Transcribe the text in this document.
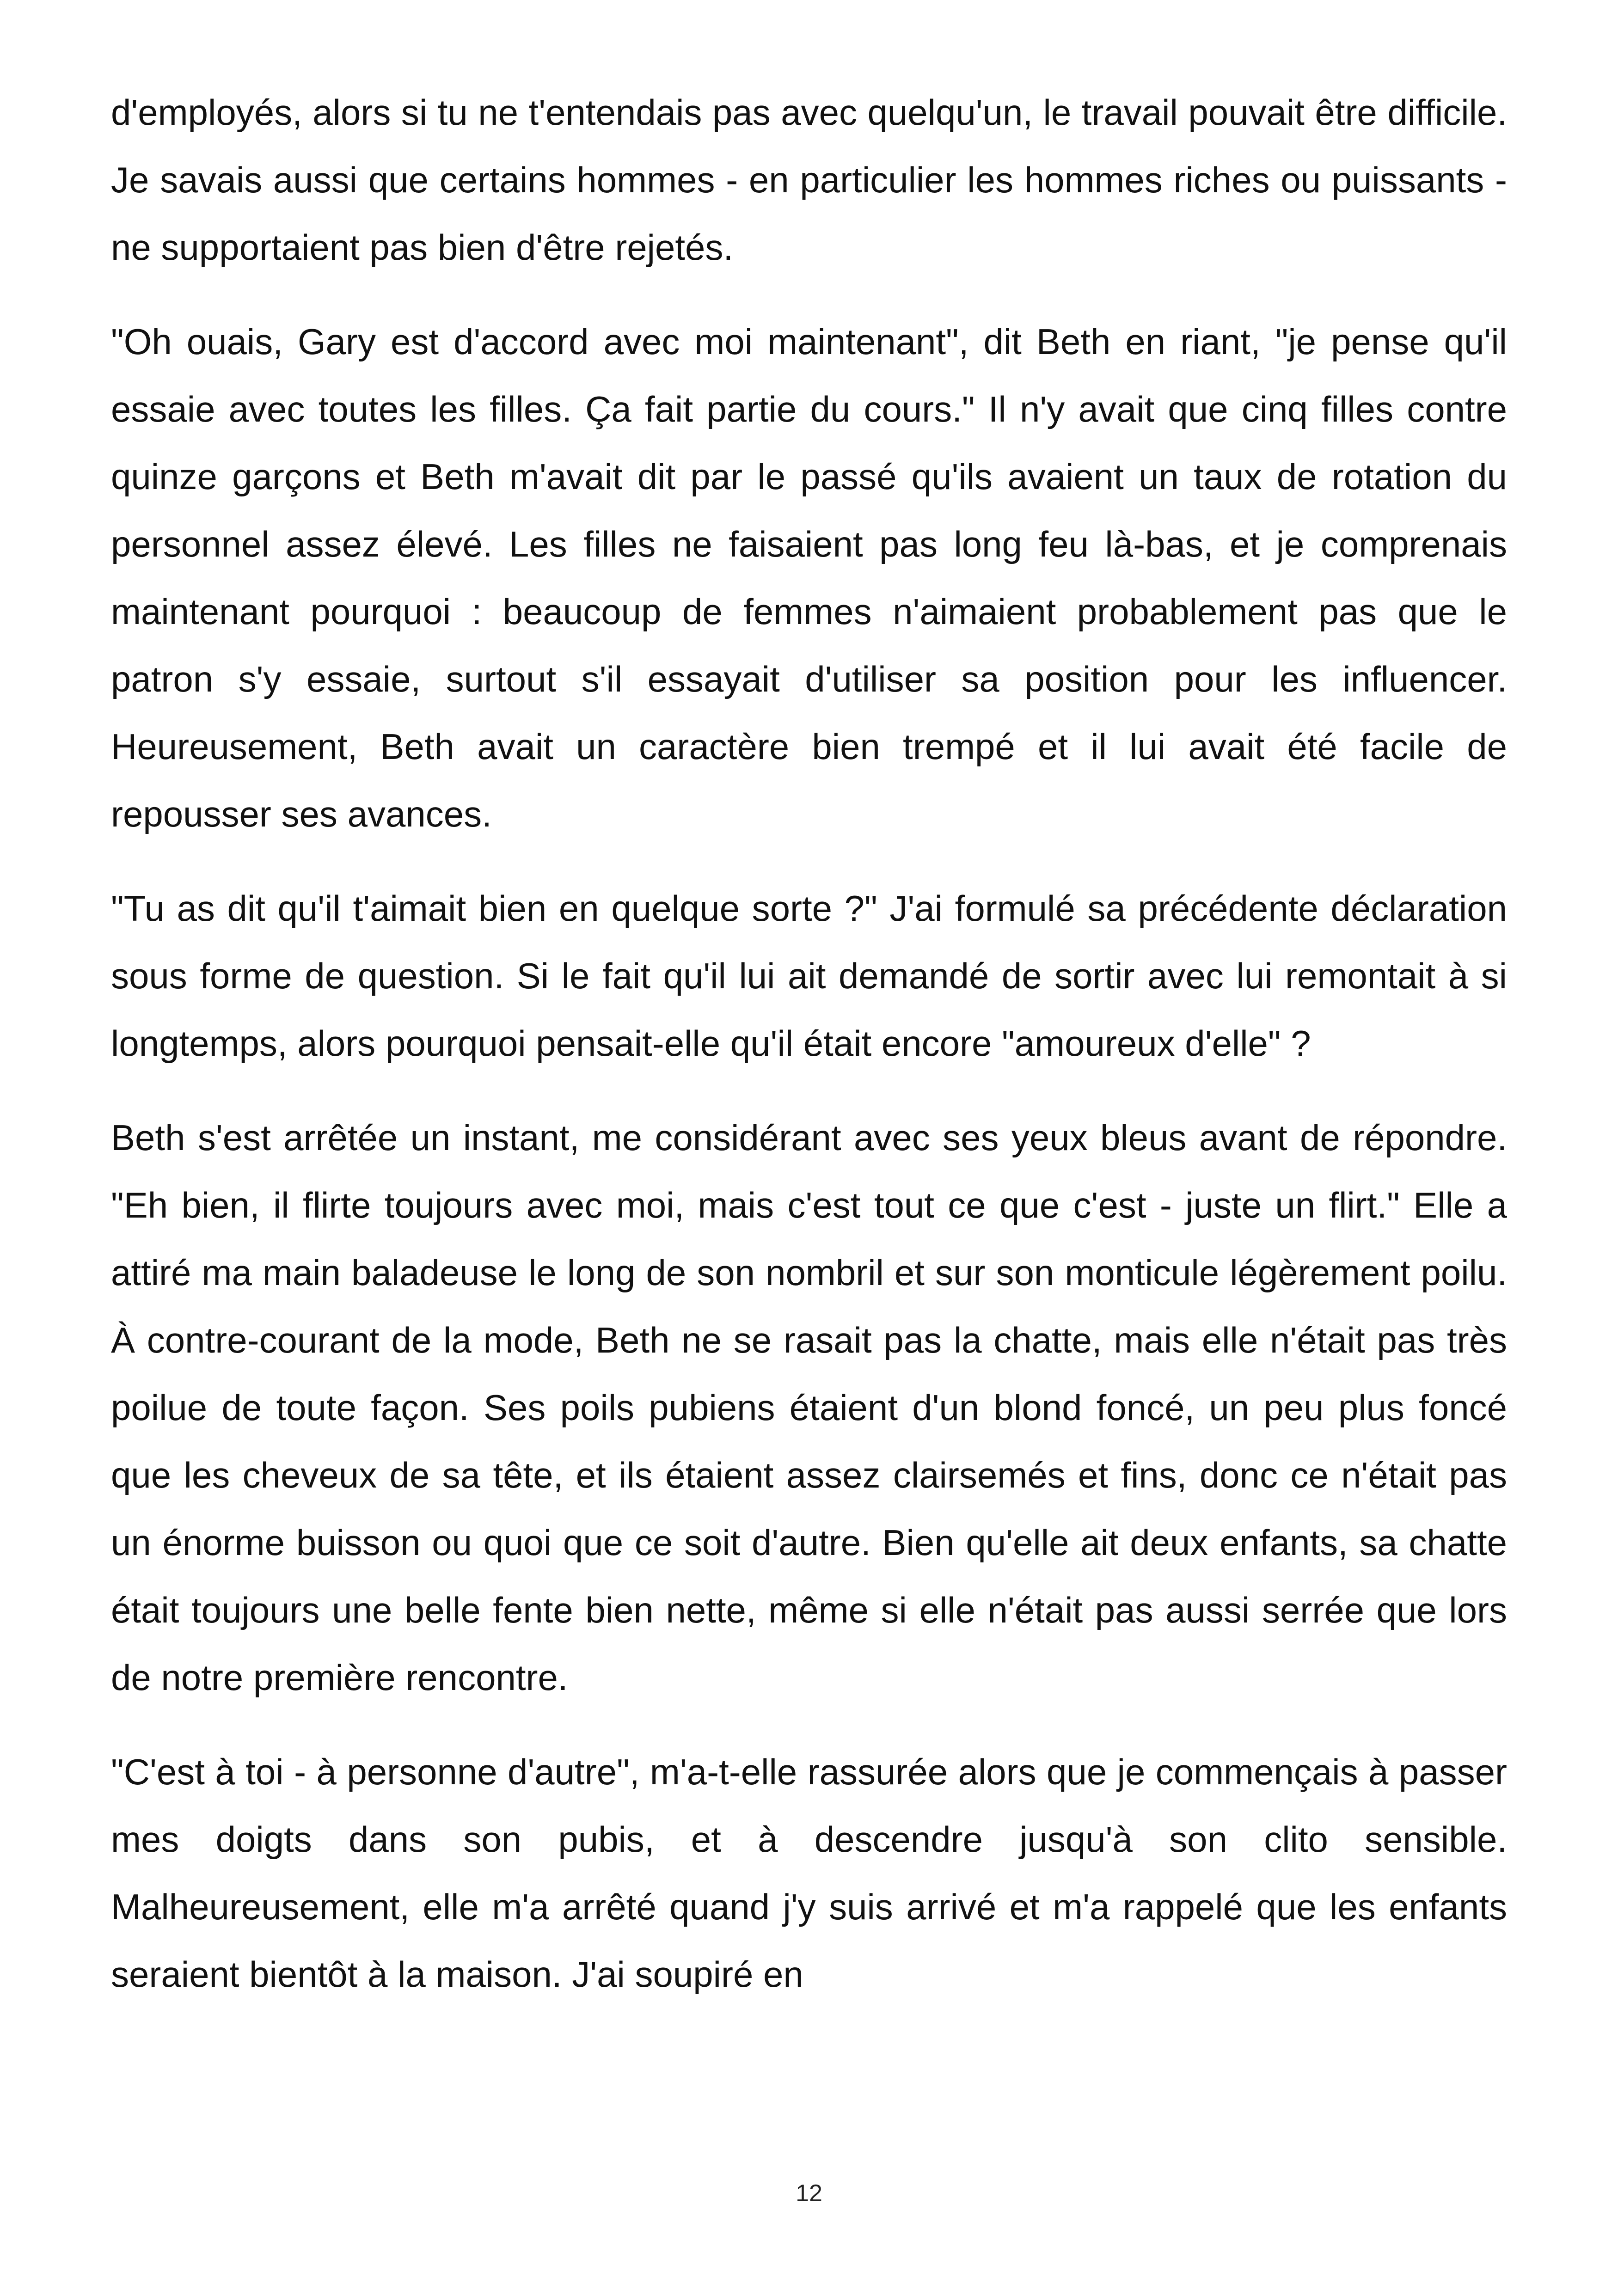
d'employés, alors si tu ne t'entendais pas avec quelqu'un, le travail pouvait être difficile. Je savais aussi que certains hommes - en particulier les hommes riches ou puissants - ne supportaient pas bien d'être rejetés.

"Oh ouais, Gary est d'accord avec moi maintenant", dit Beth en riant, "je pense qu'il essaie avec toutes les filles. Ça fait partie du cours." Il n'y avait que cinq filles contre quinze garçons et Beth m'avait dit par le passé qu'ils avaient un taux de rotation du personnel assez élevé. Les filles ne faisaient pas long feu là-bas, et je comprenais maintenant pourquoi : beaucoup de femmes n'aimaient probablement pas que le patron s'y essaie, surtout s'il essayait d'utiliser sa position pour les influencer. Heureusement, Beth avait un caractère bien trempé et il lui avait été facile de repousser ses avances.

"Tu as dit qu'il t'aimait bien en quelque sorte ?" J'ai formulé sa précédente déclaration sous forme de question. Si le fait qu'il lui ait demandé de sortir avec lui remontait à si longtemps, alors pourquoi pensait-elle qu'il était encore "amoureux d'elle" ?

Beth s'est arrêtée un instant, me considérant avec ses yeux bleus avant de répondre. "Eh bien, il flirte toujours avec moi, mais c'est tout ce que c'est - juste un flirt." Elle a attiré ma main baladeuse le long de son nombril et sur son monticule légèrement poilu. À contre-courant de la mode, Beth ne se rasait pas la chatte, mais elle n'était pas très poilue de toute façon. Ses poils pubiens étaient d'un blond foncé, un peu plus foncé que les cheveux de sa tête, et ils étaient assez clairsemés et fins, donc ce n'était pas un énorme buisson ou quoi que ce soit d'autre. Bien qu'elle ait deux enfants, sa chatte était toujours une belle fente bien nette, même si elle n'était pas aussi serrée que lors de notre première rencontre.

"C'est à toi - à personne d'autre", m'a-t-elle rassurée alors que je commençais à passer mes doigts dans son pubis, et à descendre jusqu'à son clito sensible. Malheureusement, elle m'a arrêté quand j'y suis arrivé et m'a rappelé que les enfants seraient bientôt à la maison. J'ai soupiré en

12
